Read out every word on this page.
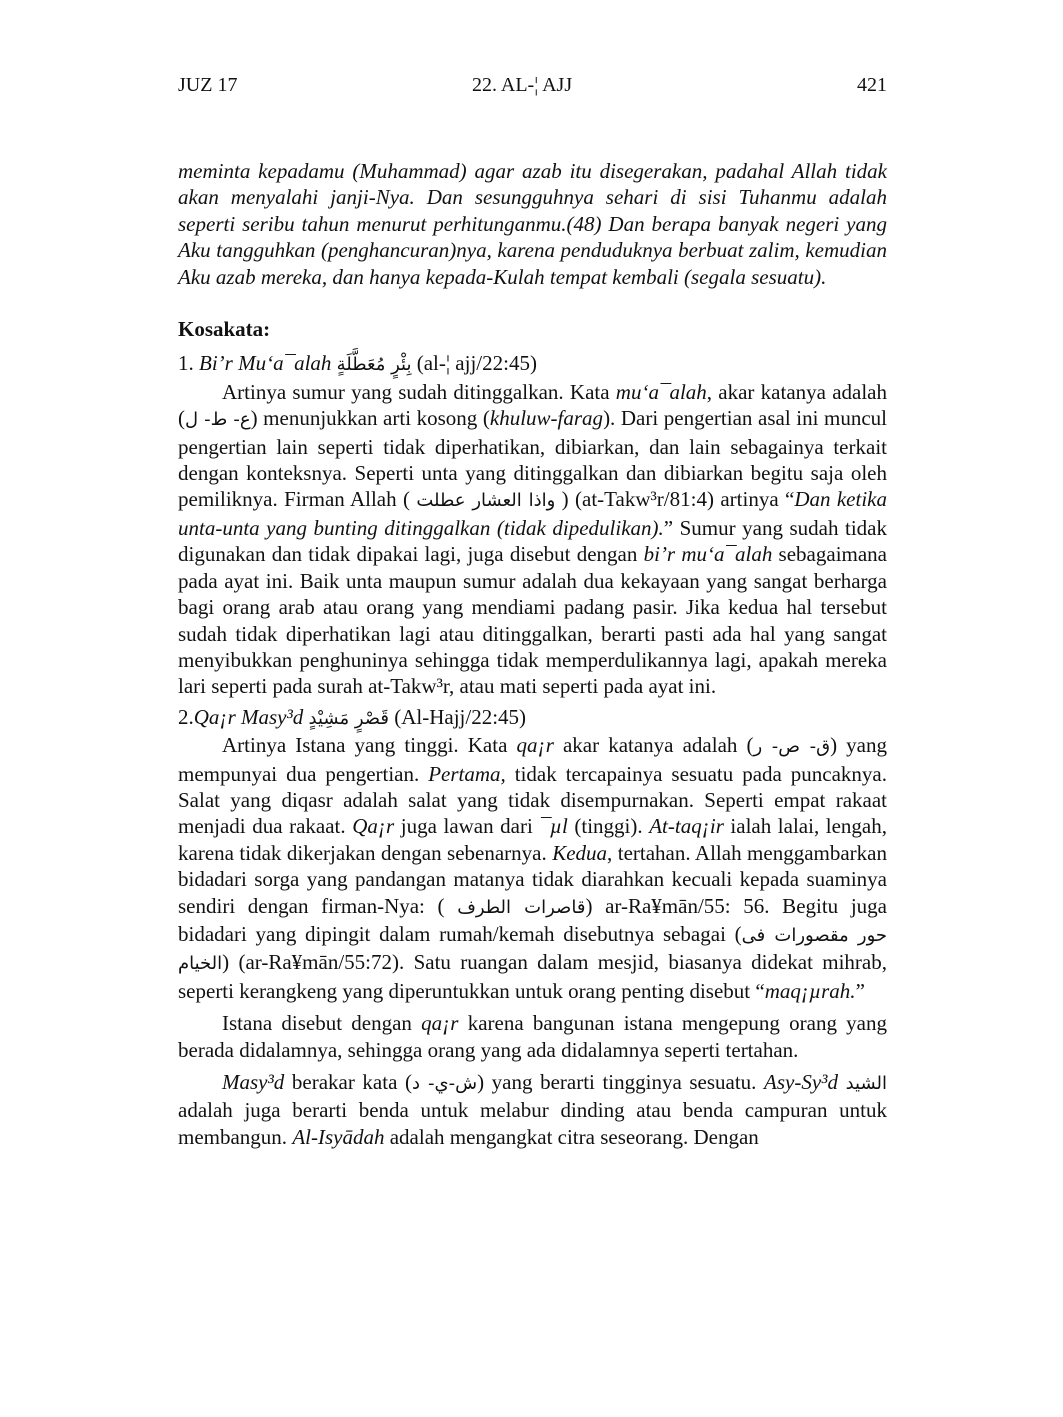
JUZ 17	22. AL-¦ AJJ	421

meminta kepadamu (Muhammad) agar azab itu disegerakan, padahal Allah tidak akan menyalahi janji-Nya. Dan sesungguhnya sehari di sisi Tuhanmu adalah seperti seribu tahun menurut perhitunganmu.(48) Dan berapa banyak negeri yang Aku tangguhkan (penghancuran)nya, karena penduduknya berbuat zalim, kemudian Aku azab mereka, dan hanya kepada-Kulah tempat kembali (segala sesuatu).

Kosakata:

1. Bi’r Mu‘a¯alah بِئْرٍ مُعَطَّلَةٍ (al-¦ ajj/22:45)

Artinya sumur yang sudah ditinggalkan. Kata mu‘a¯alah, akar katanya adalah (ع- ط- ل) menunjukkan arti kosong (khuluw-farag). Dari pengertian asal ini muncul pengertian lain seperti tidak diperhatikan, dibiarkan, dan lain sebagainya terkait dengan konteksnya. Seperti unta yang ditinggalkan dan dibiarkan begitu saja oleh pemiliknya. Firman Allah ( واذا العشار عطلت ) (at-Takw³r/81:4) artinya “Dan ketika unta-unta yang bunting ditinggalkan (tidak dipedulikan).” Sumur yang sudah tidak digunakan dan tidak dipakai lagi, juga disebut dengan bi’r mu‘a¯alah sebagaimana pada ayat ini. Baik unta maupun sumur adalah dua kekayaan yang sangat berharga bagi orang arab atau orang yang mendiami padang pasir. Jika kedua hal tersebut sudah tidak diperhatikan lagi atau ditinggalkan, berarti pasti ada hal yang sangat menyibukkan penghuninya sehingga tidak memperdulikannya lagi, apakah mereka lari seperti pada surah at-Takw³r, atau mati seperti pada ayat ini.

2.Qa¡r Masy³d قَصْرٍ مَشِيْدٍ (Al-Hajj/22:45)

Artinya Istana yang tinggi. Kata qa¡r akar katanya adalah (ق- ص- ر) yang mempunyai dua pengertian. Pertama, tidak tercapainya sesuatu pada puncaknya. Salat yang diqasr adalah salat yang tidak disempurnakan. Seperti empat rakaat menjadi dua rakaat. Qa¡r juga lawan dari ¯µl (tinggi). At-taq¡ir ialah lalai, lengah, karena tidak dikerjakan dengan sebenarnya. Kedua, tertahan. Allah menggambarkan bidadari sorga yang pandangan matanya tidak diarahkan kecuali kepada suaminya sendiri dengan firman-Nya: ( قاصرات الطرف) ar-Ra¥mān/55: 56. Begitu juga bidadari yang dipingit dalam rumah/kemah disebutnya sebagai (حور مقصورات فى الخيام) (ar-Ra¥mān/55:72). Satu ruangan dalam mesjid, biasanya didekat mihrab, seperti kerangkeng yang diperuntukkan untuk orang penting disebut “maq¡µrah.”

Istana disebut dengan qa¡r karena bangunan istana mengepung orang yang berada didalamnya, sehingga orang yang ada didalamnya seperti tertahan.

Masy³d berakar kata (ش-ي- د) yang berarti tingginya sesuatu. Asy-Sy³d الشيد adalah juga berarti benda untuk melabur dinding atau benda campuran untuk membangun. Al-Isyādah adalah mengangkat citra seseorang. Dengan
